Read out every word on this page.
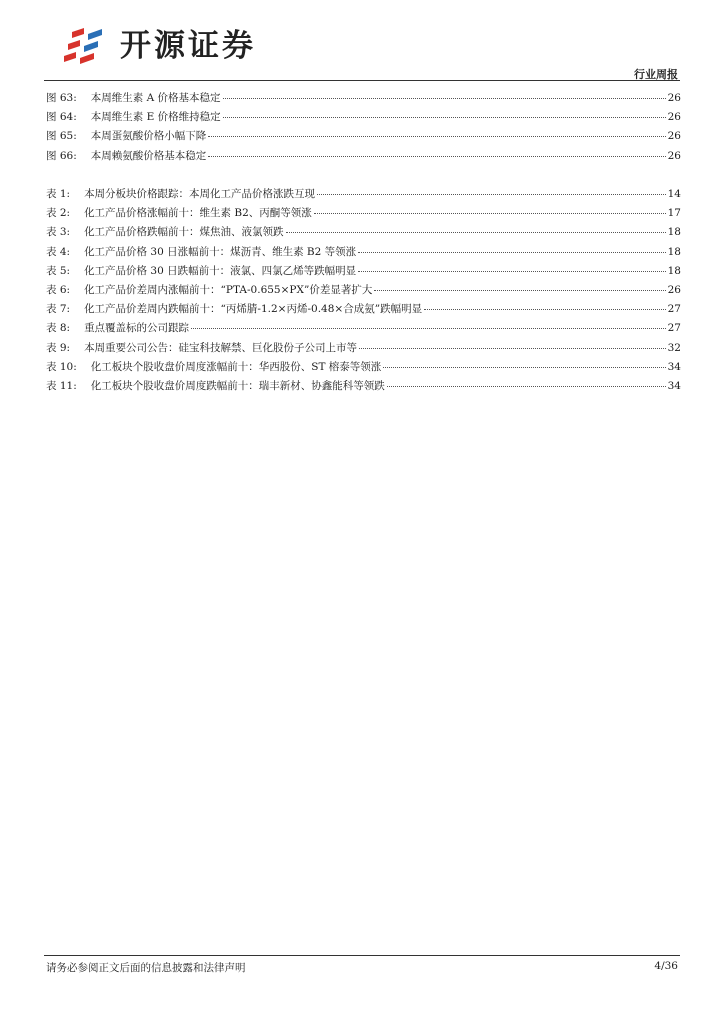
开源证券
行业周报
图 63: 本周维生素 A 价格基本稳定	26
图 64: 本周维生素 E 价格维持稳定	26
图 65: 本周蛋氨酸价格小幅下降	26
图 66: 本周赖氨酸价格基本稳定	26
表 1: 本周分板块价格跟踪：本周化工产品价格涨跌互现	14
表 2: 化工产品价格涨幅前十：维生素 B2、丙酮等领涨	17
表 3: 化工产品价格跌幅前十：煤焦油、液氯领跌	18
表 4: 化工产品价格 30 日涨幅前十：煤沥青、维生素 B2 等领涨	18
表 5: 化工产品价格 30 日跌幅前十：液氯、四氯乙烯等跌幅明显	18
表 6: 化工产品价差周内涨幅前十：“PTA-0.655×PX”价差显著扩大	26
表 7: 化工产品价差周内跌幅前十：“丙烯腈-1.2×丙烯-0.48×合成氨”跌幅明显	27
表 8: 重点覆盖标的公司跟踪	27
表 9: 本周重要公司公告：硅宝科技解禁、巨化股份子公司上市等	32
表 10: 化工板块个股收盘价周度涨幅前十：华西股份、ST 榕泰等领涨	34
表 11: 化工板块个股收盘价周度跌幅前十：瑞丰新材、协鑫能科等领跌	34
请务必参阅正文后面的信息披露和法律声明	4/36
